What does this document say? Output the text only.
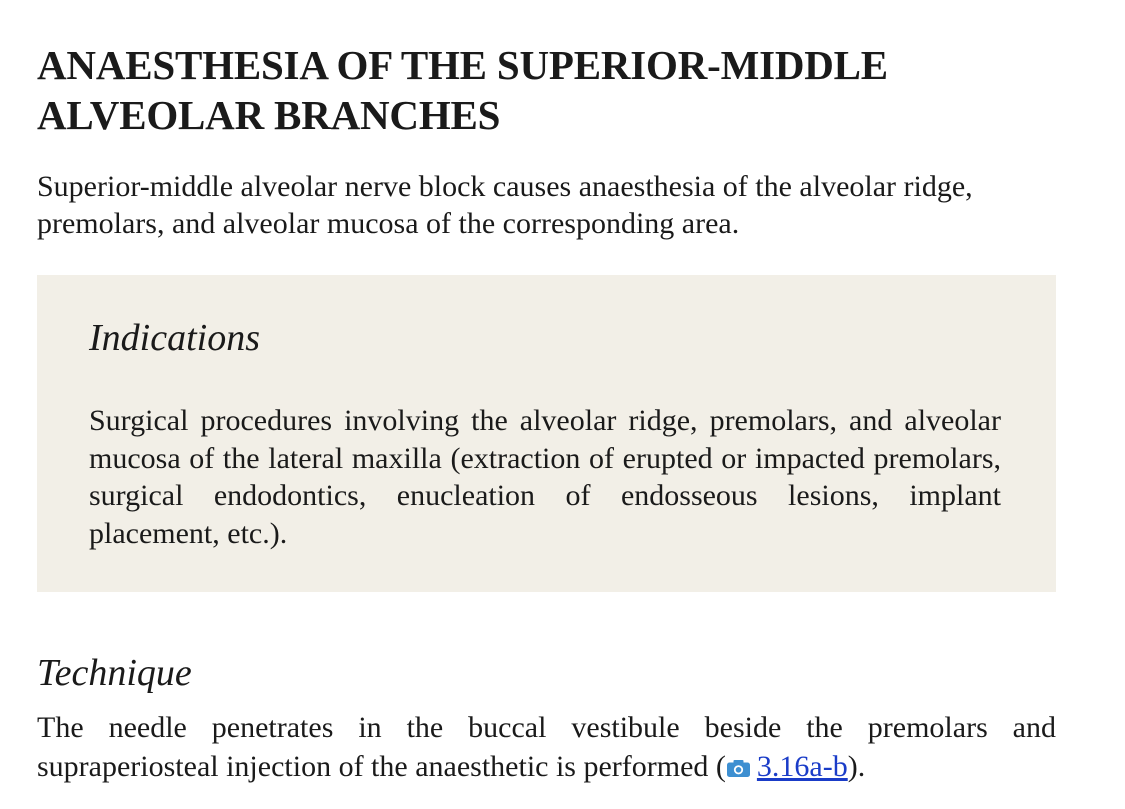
ANAESTHESIA OF THE SUPERIOR-MIDDLE
ALVEOLAR BRANCHES

Superior-middle alveolar nerve block causes anaesthesia of the alveolar ridge, premolars, and alveolar mucosa of the corresponding area.

Indications

Surgical procedures involving the alveolar ridge, premolars, and alveolar mucosa of the lateral maxilla (extraction of erupted or impacted premolars, surgical endodontics, enucleation of endosseous lesions, implant placement, etc.).

Technique

The needle penetrates in the buccal vestibule beside the premolars and supraperiosteal injection of the anaesthetic is performed ( 3.16a-b).
